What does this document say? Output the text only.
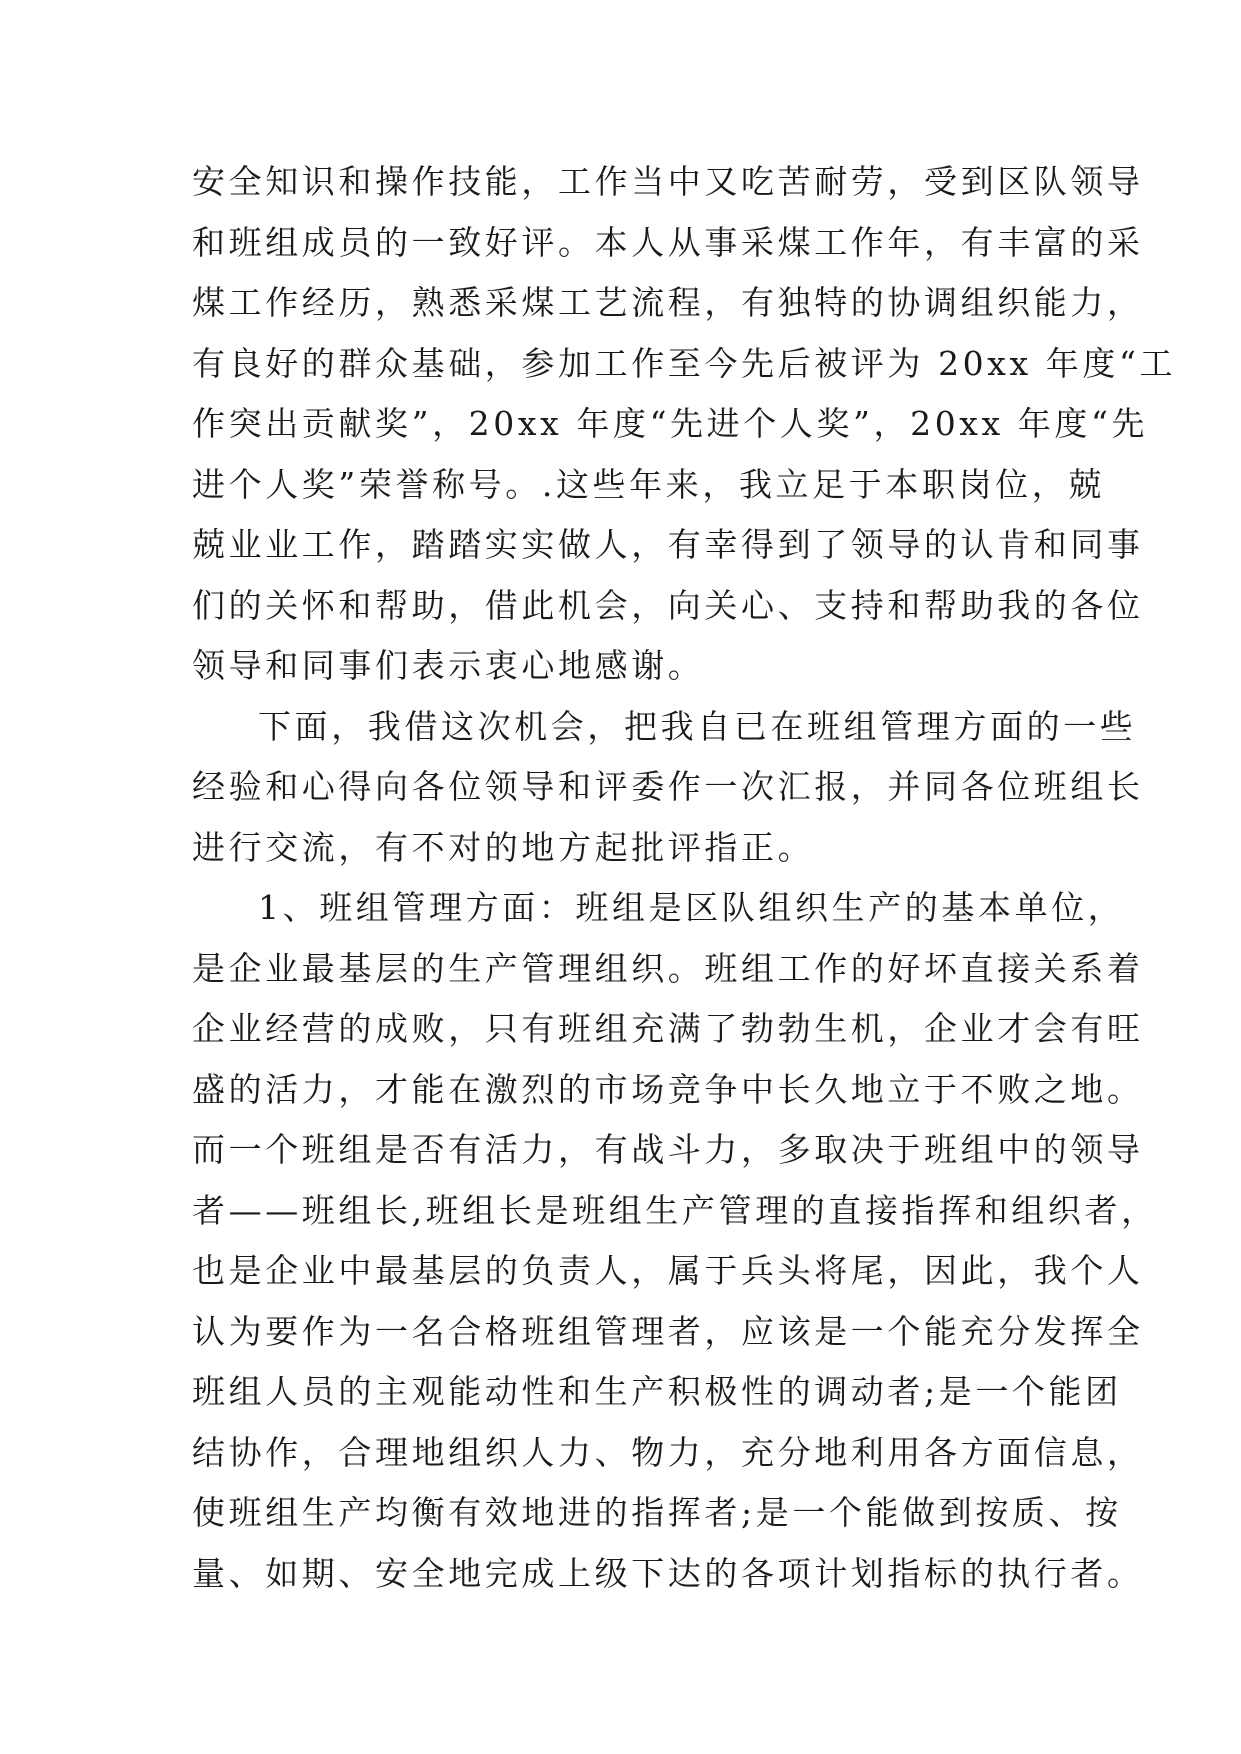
安全知识和操作技能，工作当中又吃苦耐劳，受到区队领导
和班组成员的一致好评。本人从事采煤工作年，有丰富的采
煤工作经历，熟悉采煤工艺流程，有独特的协调组织能力，
有良好的群众基础，参加工作至今先后被评为 20xx 年度“工
作突出贡献奖”，20xx 年度“先进个人奖”，20xx 年度“先
进个人奖”荣誉称号。.这些年来，我立足于本职岗位，兢
兢业业工作，踏踏实实做人，有幸得到了领导的认肯和同事
们的关怀和帮助，借此机会，向关心、支持和帮助我的各位
领导和同事们表示衷心地感谢。
下面，我借这次机会，把我自已在班组管理方面的一些
经验和心得向各位领导和评委作一次汇报，并同各位班组长
进行交流，有不对的地方起批评指正。
1、班组管理方面：班组是区队组织生产的基本单位，
是企业最基层的生产管理组织。班组工作的好坏直接关系着
企业经营的成败，只有班组充满了勃勃生机，企业才会有旺
盛的活力，才能在激烈的市场竞争中长久地立于不败之地。
而一个班组是否有活力，有战斗力，多取决于班组中的领导
者——班组长,班组长是班组生产管理的直接指挥和组织者，
也是企业中最基层的负责人，属于兵头将尾，因此，我个人
认为要作为一名合格班组管理者，应该是一个能充分发挥全
班组人员的主观能动性和生产积极性的调动者;是一个能团
结协作，合理地组织人力、物力，充分地利用各方面信息，
使班组生产均衡有效地进的指挥者;是一个能做到按质、按
量、如期、安全地完成上级下达的各项计划指标的执行者。
